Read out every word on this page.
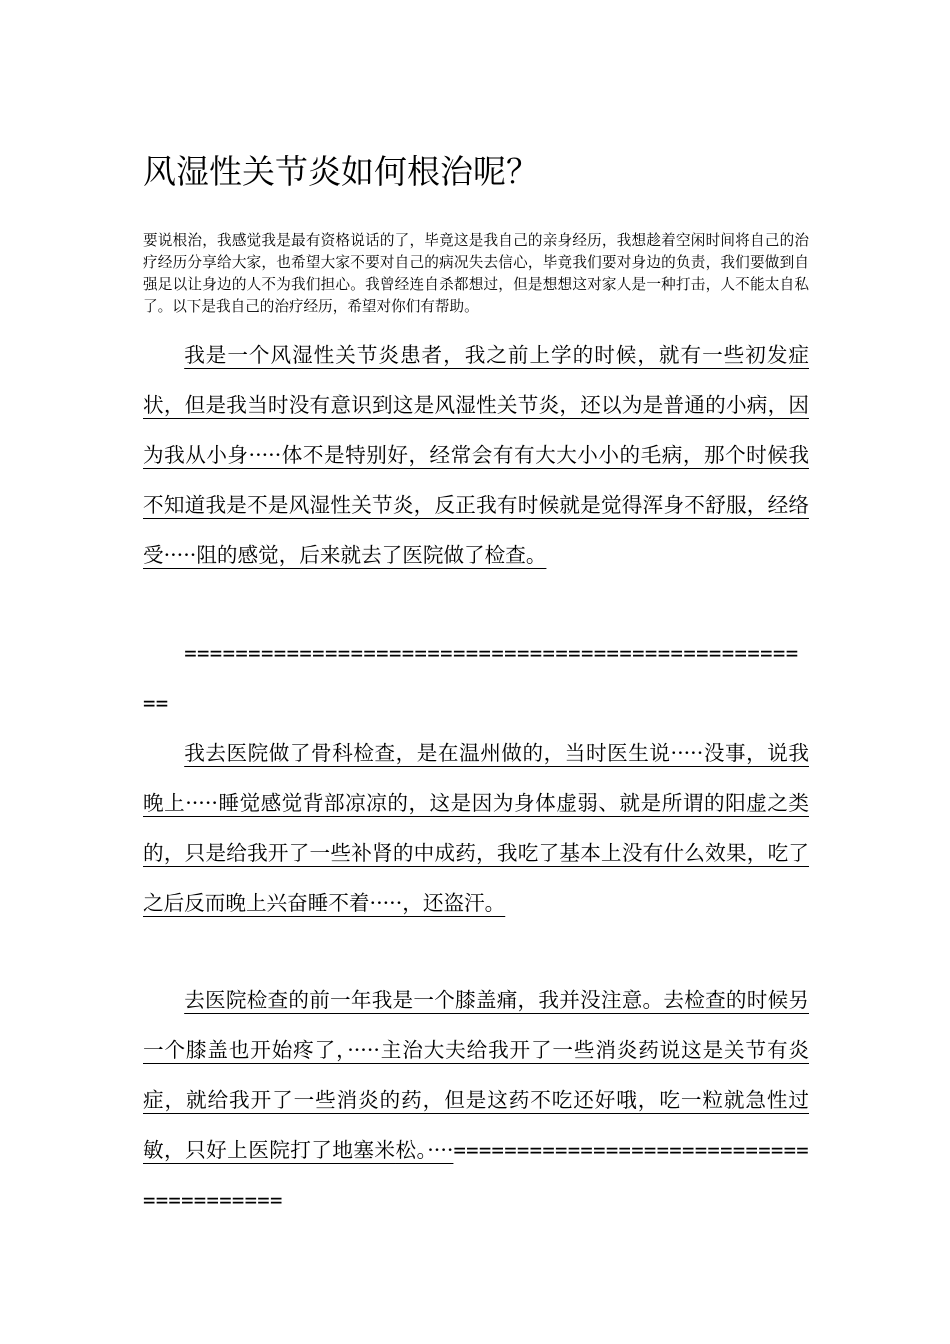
风湿性关节炎如何根治呢？

要说根治，我感觉我是最有资格说话的了，毕竟这是我自己的亲身经历，我想趁着空闲时间将自己的治疗经历分享给大家，也希望大家不要对自己的病况失去信心，毕竟我们要对身边的负责，我们要做到自强足以让身边的人不为我们担心。我曾经连自杀都想过，但是想想这对家人是一种打击，人不能太自私了。以下是我自己的治疗经历，希望对你们有帮助。

我是一个风湿性关节炎患者，我之前上学的时候，就有一些初发症状，但是我当时没有意识到这是风湿性关节炎，还以为是普通的小病，因为我从小身·····体不是特别好，经常会有有大大小小的毛病，那个时候我不知道我是不是风湿性关节炎，反正我有时候就是觉得浑身不舒服，经络受·····阻的感觉，后来就去了医院做了检查。

==================================================

我去医院做了骨科检查，是在温州做的，当时医生说·····没事，说我晚上·····睡觉感觉背部凉凉的，这是因为身体虚弱、就是所谓的阳虚之类的，只是给我开了一些补肾的中成药，我吃了基本上没有什么效果，吃了之后反而晚上兴奋睡不着·····，还盗汗。

去医院检查的前一年我是一个膝盖痛，我并没注意。去检查的时候另一个膝盖也开始疼了，·····主治大夫给我开了一些消炎药说这是关节有炎症，就给我开了一些消炎的药，但是这药不吃还好哦，吃一粒就急性过敏，只好上医院打了地塞米松。····=======================================
